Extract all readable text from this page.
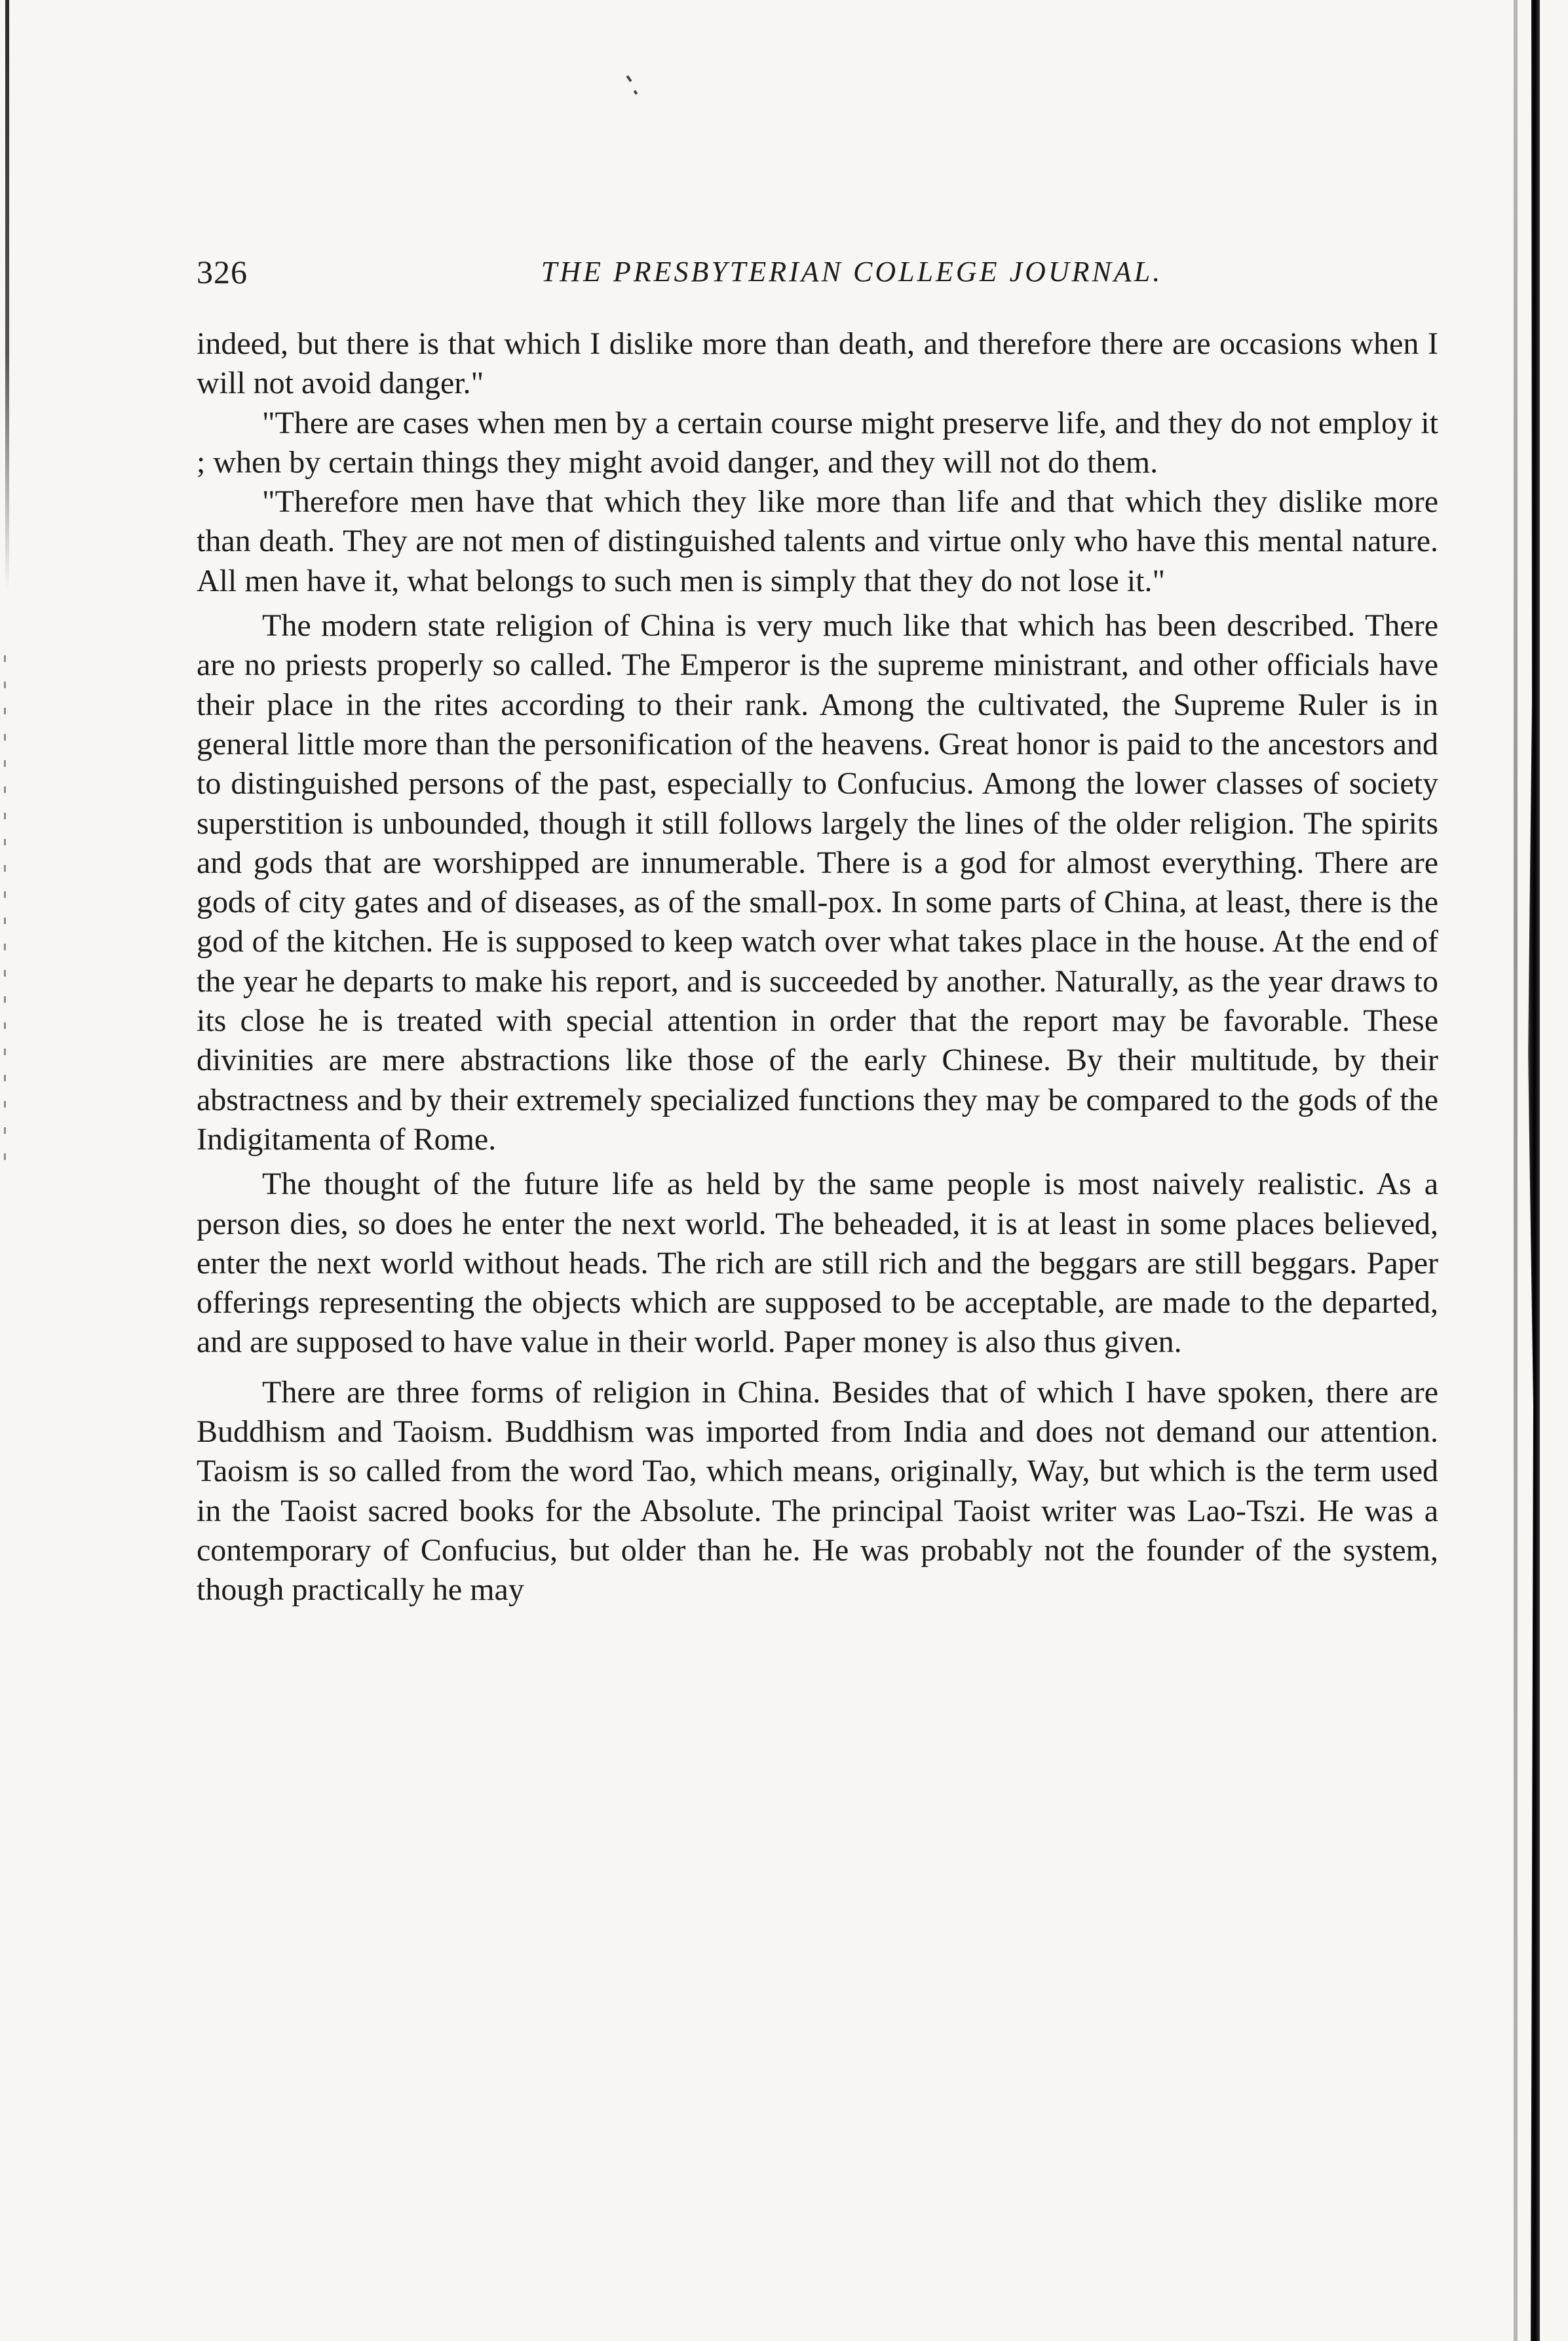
326	THE PRESBYTERIAN COLLEGE JOURNAL.

indeed, but there is that which I dislike more than death, and therefore there are occasions when I will not avoid danger."

"There are cases when men by a certain course might preserve life, and they do not employ it ; when by certain things they might avoid danger, and they will not do them.

"Therefore men have that which they like more than life and that which they dislike more than death. They are not men of distinguished talents and virtue only who have this mental nature. All men have it, what belongs to such men is simply that they do not lose it."

The modern state religion of China is very much like that which has been described. There are no priests properly so called. The Emperor is the supreme ministrant, and other officials have their place in the rites according to their rank. Among the cultivated, the Supreme Ruler is in general little more than the personification of the heavens. Great honor is paid to the ancestors and to distinguished persons of the past, especially to Confucius. Among the lower classes of society superstition is unbounded, though it still follows largely the lines of the older religion. The spirits and gods that are worshipped are innumerable. There is a god for almost everything. There are gods of city gates and of diseases, as of the small-pox. In some parts of China, at least, there is the god of the kitchen. He is supposed to keep watch over what takes place in the house. At the end of the year he departs to make his report, and is succeeded by another. Naturally, as the year draws to its close he is treated with special attention in order that the report may be favorable. These divinities are mere abstractions like those of the early Chinese. By their multitude, by their abstractness and by their extremely specialized functions they may be compared to the gods of the Indigitamenta of Rome.

The thought of the future life as held by the same people is most naively realistic. As a person dies, so does he enter the next world. The beheaded, it is at least in some places believed, enter the next world without heads. The rich are still rich and the beggars are still beggars. Paper offerings representing the objects which are supposed to be acceptable, are made to the departed, and are supposed to have value in their world. Paper money is also thus given.

There are three forms of religion in China. Besides that of which I have spoken, there are Buddhism and Taoism. Buddhism was imported from India and does not demand our attention. Taoism is so called from the word Tao, which means, originally, Way, but which is the term used in the Taoist sacred books for the Absolute. The principal Taoist writer was Lao-Tszi. He was a contemporary of Confucius, but older than he. He was probably not the founder of the system, though practically he may
